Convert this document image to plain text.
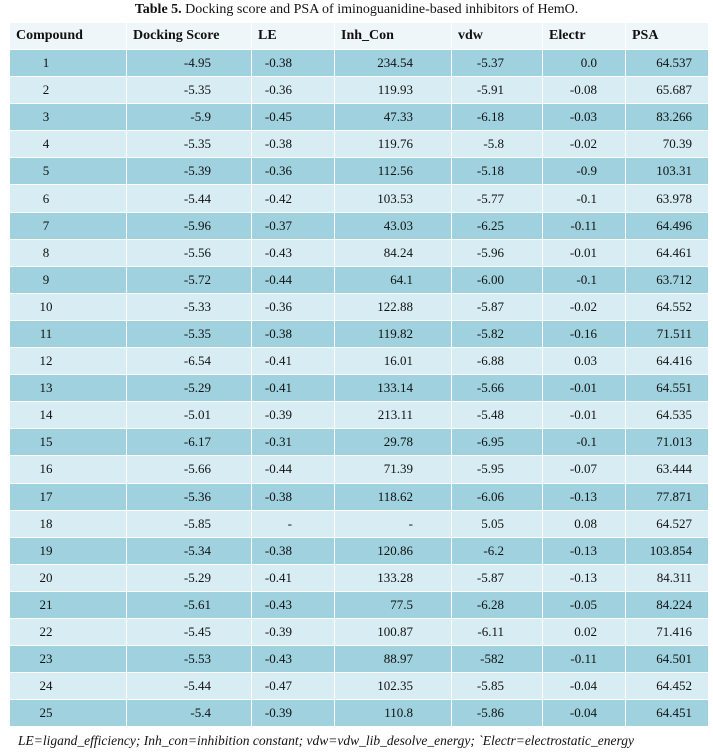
Table 5. Docking score and PSA of iminoguanidine-based inhibitors of HemO.
Compound	Docking Score	LE	Inh_Con	vdw	Electr	PSA
1	-4.95	-0.38	234.54	-5.37	0.0	64.537
2	-5.35	-0.36	119.93	-5.91	-0.08	65.687
3	-5.9	-0.45	47.33	-6.18	-0.03	83.266
4	-5.35	-0.38	119.76	-5.8	-0.02	70.39
5	-5.39	-0.36	112.56	-5.18	-0.9	103.31
6	-5.44	-0.42	103.53	-5.77	-0.1	63.978
7	-5.96	-0.37	43.03	-6.25	-0.11	64.496
8	-5.56	-0.43	84.24	-5.96	-0.01	64.461
9	-5.72	-0.44	64.1	-6.00	-0.1	63.712
10	-5.33	-0.36	122.88	-5.87	-0.02	64.552
11	-5.35	-0.38	119.82	-5.82	-0.16	71.511
12	-6.54	-0.41	16.01	-6.88	0.03	64.416
13	-5.29	-0.41	133.14	-5.66	-0.01	64.551
14	-5.01	-0.39	213.11	-5.48	-0.01	64.535
15	-6.17	-0.31	29.78	-6.95	-0.1	71.013
16	-5.66	-0.44	71.39	-5.95	-0.07	63.444
17	-5.36	-0.38	118.62	-6.06	-0.13	77.871
18	-5.85	-	-	5.05	0.08	64.527
19	-5.34	-0.38	120.86	-6.2	-0.13	103.854
20	-5.29	-0.41	133.28	-5.87	-0.13	84.311
21	-5.61	-0.43	77.5	-6.28	-0.05	84.224
22	-5.45	-0.39	100.87	-6.11	0.02	71.416
23	-5.53	-0.43	88.97	-582	-0.11	64.501
24	-5.44	-0.47	102.35	-5.85	-0.04	64.452
25	-5.4	-0.39	110.8	-5.86	-0.04	64.451
LE=ligand_efficiency; Inh_con=inhibition constant; vdw=vdw_lib_desolve_energy; `Electr=electrostatic_energy
